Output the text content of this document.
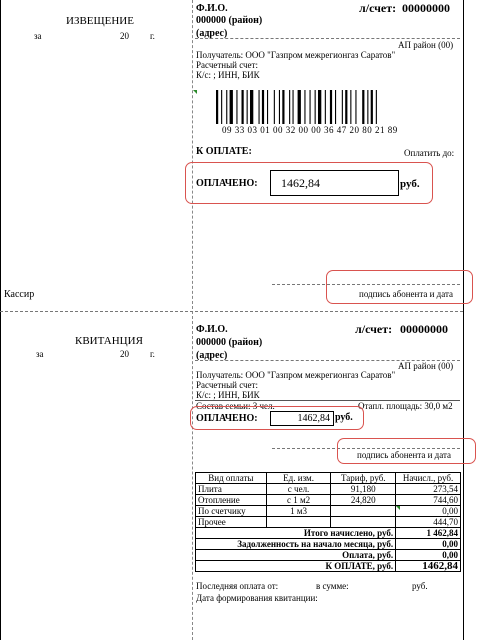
ИЗВЕЩЕНИЕ
за	20 г.
Кассир
Ф.И.О.	л/счет: 00000000
000000 (район)
(адрес)
АП район (00)
Получатель: ООО "Газпром межрегионгаз Саратов"
Расчетный счет:
К/с: ; ИНН, БИК
09 33 03 01 00 32 00 00 36 47 20 80 21 89
К ОПЛАТЕ:	Оплатить до:
ОПЛАЧЕНО: 1462,84	руб.
подпись абонента и дата
КВИТАНЦИЯ
за	20 г.
Ф.И.О.	л/счет: 00000000
000000 (район)
(адрес)
АП район (00)
Получатель: ООО "Газпром межрегионгаз Саратов"
Расчетный счет:
К/с: ; ИНН, БИК
Состав семьи: 3 чел.	Отапл. площадь: 30,0 м2
ОПЛАЧЕНО:	1462,84 руб.
подпись абонента и дата
Вид оплаты	Ед. изм.	Тариф, руб.	Начисл., руб.
Плита	с чел.	91,180	273,54
Отопление	с 1 м2	24,820	744,60
По счетчику	1 м3		0,00
Прочее			444,70
Итого начислено, руб.			1 462,84
Задолженность на начало месяца, руб.			0,00
Оплата, руб.			0,00
К ОПЛАТЕ, руб.			1462,84
Последняя оплата от:	в сумме:	руб.
Дата формирования квитанции:
